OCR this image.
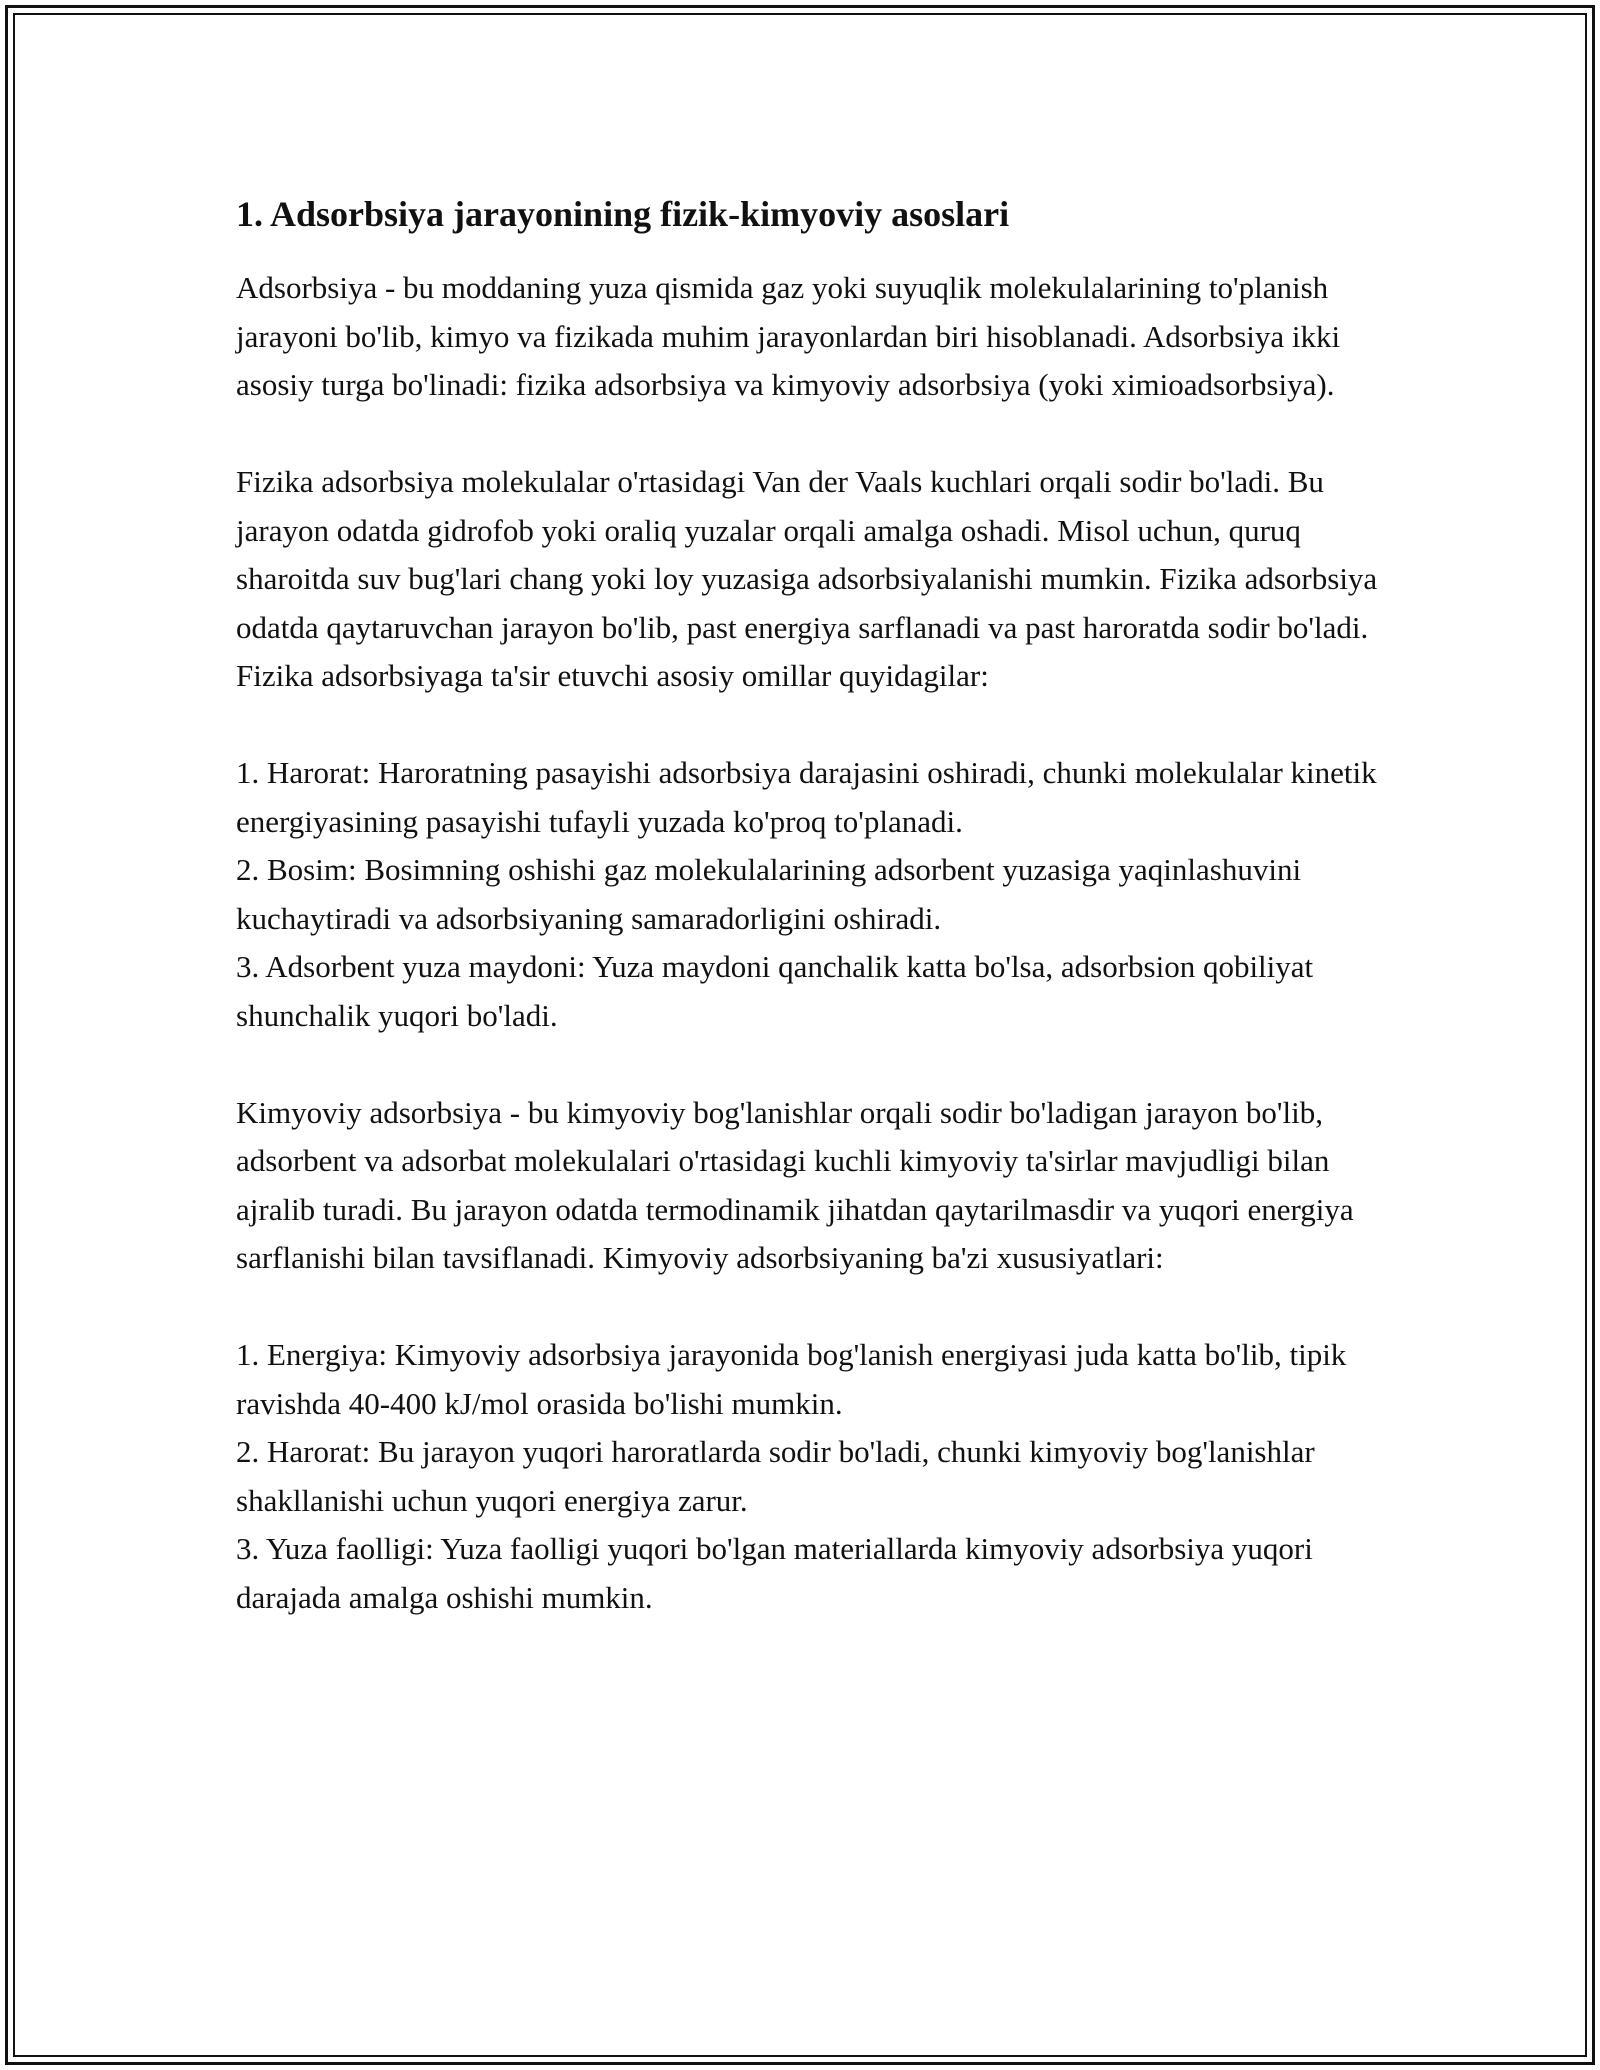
1. Adsorbsiya jarayonining fizik-kimyoviy asoslari

Adsorbsiya - bu moddaning yuza qismida gaz yoki suyuqlik molekulalarining to'planish jarayoni bo'lib, kimyo va fizikada muhim jarayonlardan biri hisoblanadi. Adsorbsiya ikki asosiy turga bo'linadi: fizika adsorbsiya va kimyoviy adsorbsiya (yoki ximioadsorbsiya).

Fizika adsorbsiya molekulalar o'rtasidagi Van der Vaals kuchlari orqali sodir bo'ladi. Bu jarayon odatda gidrofob yoki oraliq yuzalar orqali amalga oshadi. Misol uchun, quruq sharoitda suv bug'lari chang yoki loy yuzasiga adsorbsiyalanishi mumkin. Fizika adsorbsiya odatda qaytaruvchan jarayon bo'lib, past energiya sarflanadi va past haroratda sodir bo'ladi. Fizika adsorbsiyaga ta'sir etuvchi asosiy omillar quyidagilar:

1. Harorat: Haroratning pasayishi adsorbsiya darajasini oshiradi, chunki molekulalar kinetik energiyasining pasayishi tufayli yuzada ko'proq to'planadi.

2. Bosim: Bosimning oshishi gaz molekulalarining adsorbent yuzasiga yaqinlashuvini kuchaytiradi va adsorbsiyaning samaradorligini oshiradi.

3. Adsorbent yuza maydoni: Yuza maydoni qanchalik katta bo'lsa, adsorbsion qobiliyat shunchalik yuqori bo'ladi.

Kimyoviy adsorbsiya - bu kimyoviy bog'lanishlar orqali sodir bo'ladigan jarayon bo'lib, adsorbent va adsorbat molekulalari o'rtasidagi kuchli kimyoviy ta'sirlar mavjudligi bilan ajralib turadi. Bu jarayon odatda termodinamik jihatdan qaytarilmasdir va yuqori energiya sarflanishi bilan tavsiflanadi. Kimyoviy adsorbsiyaning ba'zi xususiyatlari:

1. Energiya: Kimyoviy adsorbsiya jarayonida bog'lanish energiyasi juda katta bo'lib, tipik ravishda 40-400 kJ/mol orasida bo'lishi mumkin.

2. Harorat: Bu jarayon yuqori haroratlarda sodir bo'ladi, chunki kimyoviy bog'lanishlar shakllanishi uchun yuqori energiya zarur.

3. Yuza faolligi: Yuza faolligi yuqori bo'lgan materiallarda kimyoviy adsorbsiya yuqori darajada amalga oshishi mumkin.
